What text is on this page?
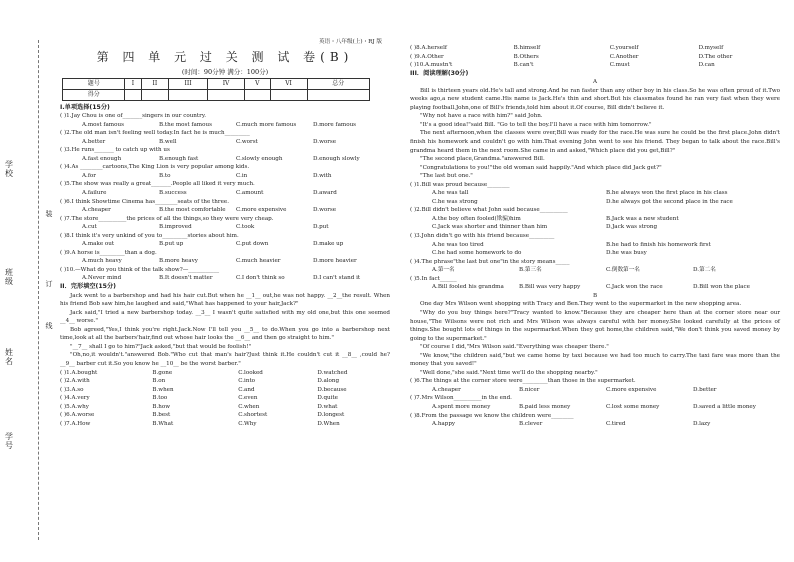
学校
班级
姓名
学号
装
订
线
英语・八年级(上)・RJ 版
第 四 单 元 过 关 测 试 卷(B)
(时间：90分钟 满分：100分)
题号	I	II	III	IV	V	VI	总分
得分							
I.单项选择(15分)
( )1.Jay Chou is one of_______singers in our country.
A.most famous	B.the most famous	C.much more famous	D.more famous
( )2.The old man isn't feeling well today.In fact he is much_________
A.better	B.well	C.worst	D.worse
( )3.He runs_______ to catch up with us
A.fast enough	B.enough fast	C.slowly enough	D.enough slowly
( )4.As ________cartoons,The King Lion is very popular among kids.
A.for	B.to	C.in	D.with
( )5.The show was really a great_______.People all liked it very much.
A.failure	B.success	C.amount	D.award
( )6.I think Showtime Cinema has________seats of the three.
A.cheaper	B.the most comfortable	C.more expensive	D.worse
( )7.The store__________the prices of all the things,so they were very cheap.
A.cut	B.improved	C.took	D.put
( )8.I think it's very unkind of you to_________stories about him.
A.make out	B.put up	C.put down	D.make up
( )9.A horse is_________than a dog.
A.much heavy	B.more heavy	C.much heavier	D.more heavier
( )10.—What do you think of the talk show?—___________
A.Never mind	B.It doesn't matter	C.I don't think so	D.I can't stand it
II．完形填空(15分)
Jack went to a barbershop and had his hair cut.But when he __1__ out,he was not happy. __2__the result. When his friend Bob saw him,he laughed and said,"What has happened to your hair,Jack?"
Jack said,"I tried a new barbershop today. __3__ I wasn't quite satisfied with my old one,but this one seemed __4__ worse."
Bob agreed,"Yes,I think you're right.Jack.Now I'll tell you __5__ to do.When you go into a barbershop next time,look at all the barbers'hair,find out whose hair looks the __6__ and then go straight to him."
"__7__ shall I go to him?"Jack asked,"but that would be foolish!"
"Oh,no,it wouldn't."answered Bob."Who cut that man's hair?Just think it.He couldn't cut it __8__ ,could he? __9__ barber cut it.So you know he __10__ be the worst barber."
( )1.A.bought	B.gone	C.looked	D.watched
( )2.A.with	B.on	C.into	D.along
( )3.A.so	B.when	C.and	D.because
( )4.A.very	B.too	C.even	D.quite
( )5.A.why	B.how	C.when	D.what
( )6.A.worse	B.best	C.shortest	D.longest
( )7.A.How	B.What	C.Why	D.When
( )8.A.herself	B.himself	C.yourself	D.myself
( )9.A.Other	B.Others	C.Another	D.The other
( )10.A.mustn't	B.can't	C.must	D.can
III．阅读理解(30分)
A
Bill is thirteen years old.He's tall and strong.And he ran faster than any other boy in his class.So he was often proud of it.Two weeks ago,a new student came.His name is Jack.He's thin and short.But his classmates found he ran very fast when they were playing football.John,one of Bill's friends,told him about it.Of course, Bill didn't believe it.
"Why not have a race with him?" said John.
"It's a good idea!"said Bill. "Go to tell the boy.I'll have a race with him tomorrow."
The next afternoon,when the classes were over,Bill was ready for the race.He was sure he could be the first place.John didn't finish his homework and couldn't go with him.That evening John went to see his friend. They began to talk about the race.Bill's grandma heard them in the next room.She came in and asked,"Which place did you get,Bill?"
"The second place,Grandma."answered Bill.
"Congratulations to you!"the old woman said happily."And which place did Jack get?"
"The last but one."
( )1.Bill was proud because________
A.he was tall	B.he always won the first place in his class
C.he was strong	D.he always got the second place in the race
( )2.Bill didn't believe what John said because__________
A.the boy often fooled(欺骗)him	B.Jack was a new student
C.Jack was shorter and thinner than him	D.Jack was strong
( )3.John didn't go with his friend because_________
A.he was too tired	B.he had to finish his homework first
C.he had some homework to do	D.he was busy
( )4.The phrase"the last but one"in the story means_____
A.第一名	B.第三名	C.倒数第一名	D.第二名
( )5.In fact______
A.Bill fooled his grandma	B.Bill was very happy	C.Jack won the race	D.Bill won the place
B
One day Mrs Wilson went shopping with Tracy and Ben.They went to the supermarket in the new shopping area.
"Why do you buy things here?"Tracy wanted to know."Because they are cheaper here than at the corner store near our house,"The Wilsons were not rich and Mrs Wilson was always careful with her money.She looked carefully at the prices of things.She bought lots of things in the supermarket.When they got home,the children said,"We don't think you saved money by going to the supermarket."
"Of course I did,"Mrs Wilson said."Everything was cheaper there."
"We know,"the children said,"but we came home by taxi because we had too much to carry.The taxi fare was more than the money that you saved!"
"Well done,"she said."Next time we'll do the shopping nearby."
( )6.The things at the corner store were_________than those in the supermarket.
A.cheaper	B.nicer	C.more expensive	D.better
( )7.Mrs Wilson__________in the end.
A.spent more money	B.paid less money	C.lost some money	D.saved a little money
( )8.From the passage we know the children were________
A.happy	B.clever	C.tired	D.lazy
